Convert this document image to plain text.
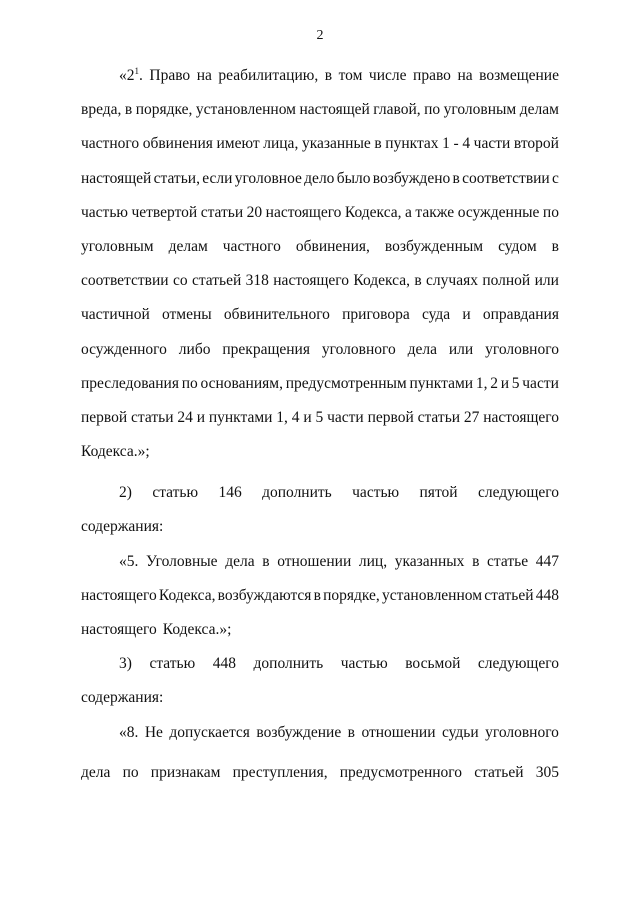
2
«$2^1$. Право на реабилитацию, в том числе право на возмещение
вреда, в порядке, установленном настоящей главой, по уголовным делам
частного обвинения имеют лица, указанные в пунктах 1 - 4 части второй
настоящей статьи, если уголовное дело было возбуждено в соответствии с
частью четвертой статьи 20 настоящего Кодекса, а также осужденные по
уголовным делам частного обвинения, возбужденным судом в
соответствии со статьей 318 настоящего Кодекса, в случаях полной или
частичной отмены обвинительного приговора суда и оправдания
осужденного либо прекращения уголовного дела или уголовного
преследования по основаниям, предусмотренным пунктами 1, 2 и 5 части
первой статьи 24 и пунктами 1, 4 и 5 части первой статьи 27 настоящего
Кодекса.»;
2) статью 146 дополнить частью пятой следующего
содержания:
«5. Уголовные дела в отношении лиц, указанных в статье 447
настоящего Кодекса, возбуждаются в порядке, установленном статьей 448
настоящего Кодекса.»;
3) статью 448 дополнить частью восьмой следующего
содержания:
«8. Не допускается возбуждение в отношении судьи уголовного
дела по признакам преступления, предусмотренного статьей 305
